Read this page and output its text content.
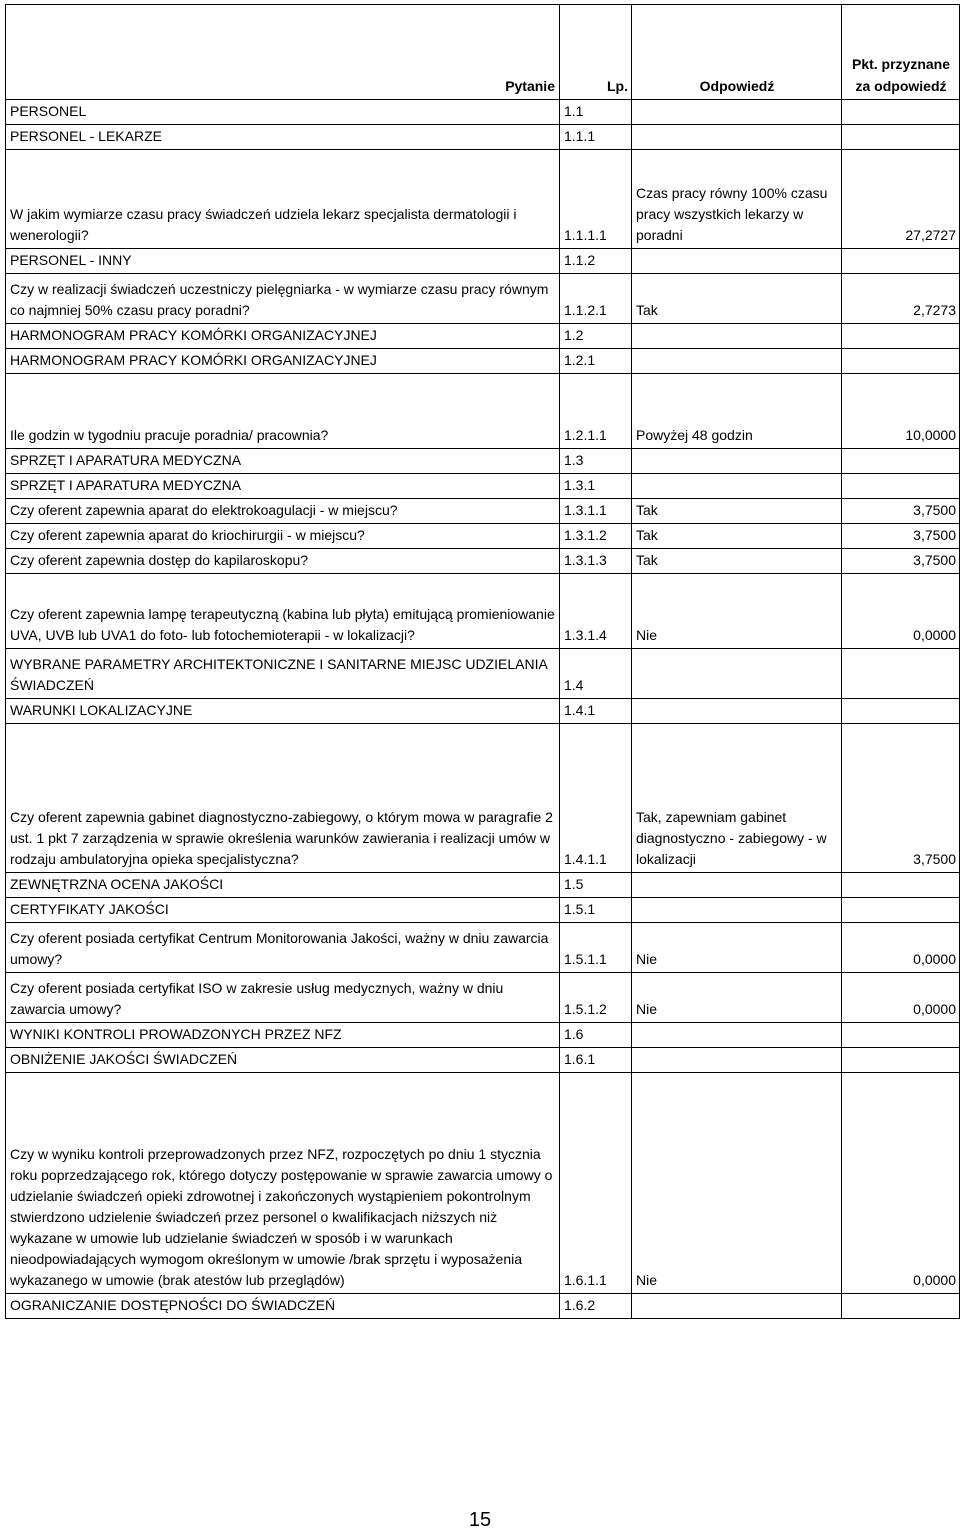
Pytanie	Lp.	Odpowiedź	Pkt. przyznane za odpowiedź
PERSONEL	1.1		
PERSONEL - LEKARZE	1.1.1		
W jakim wymiarze czasu pracy świadczeń udziela lekarz specjalista dermatologii i wenerologii?	1.1.1.1	Czas pracy równy 100% czasu pracy wszystkich lekarzy w poradni	27,2727
PERSONEL - INNY	1.1.2		
Czy w realizacji świadczeń uczestniczy pielęgniarka - w wymiarze czasu pracy równym co najmniej 50% czasu pracy poradni?	1.1.2.1	Tak	2,7273
HARMONOGRAM PRACY KOMÓRKI ORGANIZACYJNEJ	1.2		
HARMONOGRAM PRACY KOMÓRKI ORGANIZACYJNEJ	1.2.1		
Ile godzin w tygodniu pracuje poradnia/ pracownia?	1.2.1.1	Powyżej 48 godzin	10,0000
SPRZĘT I APARATURA MEDYCZNA	1.3		
SPRZĘT I APARATURA MEDYCZNA	1.3.1		
Czy oferent zapewnia aparat do elektrokoagulacji - w miejscu?	1.3.1.1	Tak	3,7500
Czy oferent zapewnia aparat do kriochirurgii - w miejscu?	1.3.1.2	Tak	3,7500
Czy oferent zapewnia dostęp do kapilaroskopu?	1.3.1.3	Tak	3,7500
Czy oferent zapewnia lampę terapeutyczną (kabina lub płyta) emitującą promieniowanie UVA, UVB lub UVA1 do foto- lub fotochemioterapii - w lokalizacji?	1.3.1.4	Nie	0,0000
WYBRANE PARAMETRY ARCHITEKTONICZNE I SANITARNE MIEJSC UDZIELANIA ŚWIADCZEŃ	1.4		
WARUNKI LOKALIZACYJNE	1.4.1		
Czy oferent zapewnia gabinet diagnostyczno-zabiegowy, o którym mowa w paragrafie 2 ust. 1 pkt 7 zarządzenia w sprawie określenia warunków zawierania i realizacji umów w rodzaju ambulatoryjna opieka specjalistyczna?	1.4.1.1	Tak, zapewniam gabinet diagnostyczno - zabiegowy - w lokalizacji	3,7500
ZEWNĘTRZNA OCENA JAKOŚCI	1.5		
CERTYFIKATY JAKOŚCI	1.5.1		
Czy oferent posiada certyfikat Centrum Monitorowania Jakości, ważny w dniu zawarcia umowy?	1.5.1.1	Nie	0,0000
Czy oferent posiada certyfikat ISO w zakresie usług medycznych, ważny w dniu zawarcia umowy?	1.5.1.2	Nie	0,0000
WYNIKI KONTROLI PROWADZONYCH PRZEZ NFZ	1.6		
OBNIŻENIE JAKOŚCI ŚWIADCZEŃ	1.6.1		
Czy w wyniku kontroli przeprowadzonych przez NFZ, rozpoczętych po dniu 1 stycznia roku poprzedzającego rok, którego dotyczy postępowanie w sprawie zawarcia umowy o udzielanie świadczeń opieki zdrowotnej i zakończonych wystąpieniem pokontrolnym stwierdzono udzielenie świadczeń przez personel o kwalifikacjach niższych niż wykazane w umowie lub udzielanie świadczeń w sposób i w warunkach nieodpowiadających wymogom określonym w umowie /brak sprzętu i wyposażenia wykazanego w umowie (brak atestów lub przeglądów)	1.6.1.1	Nie	0,0000
OGRANICZANIE DOSTĘPNOŚCI DO ŚWIADCZEŃ	1.6.2		
15
